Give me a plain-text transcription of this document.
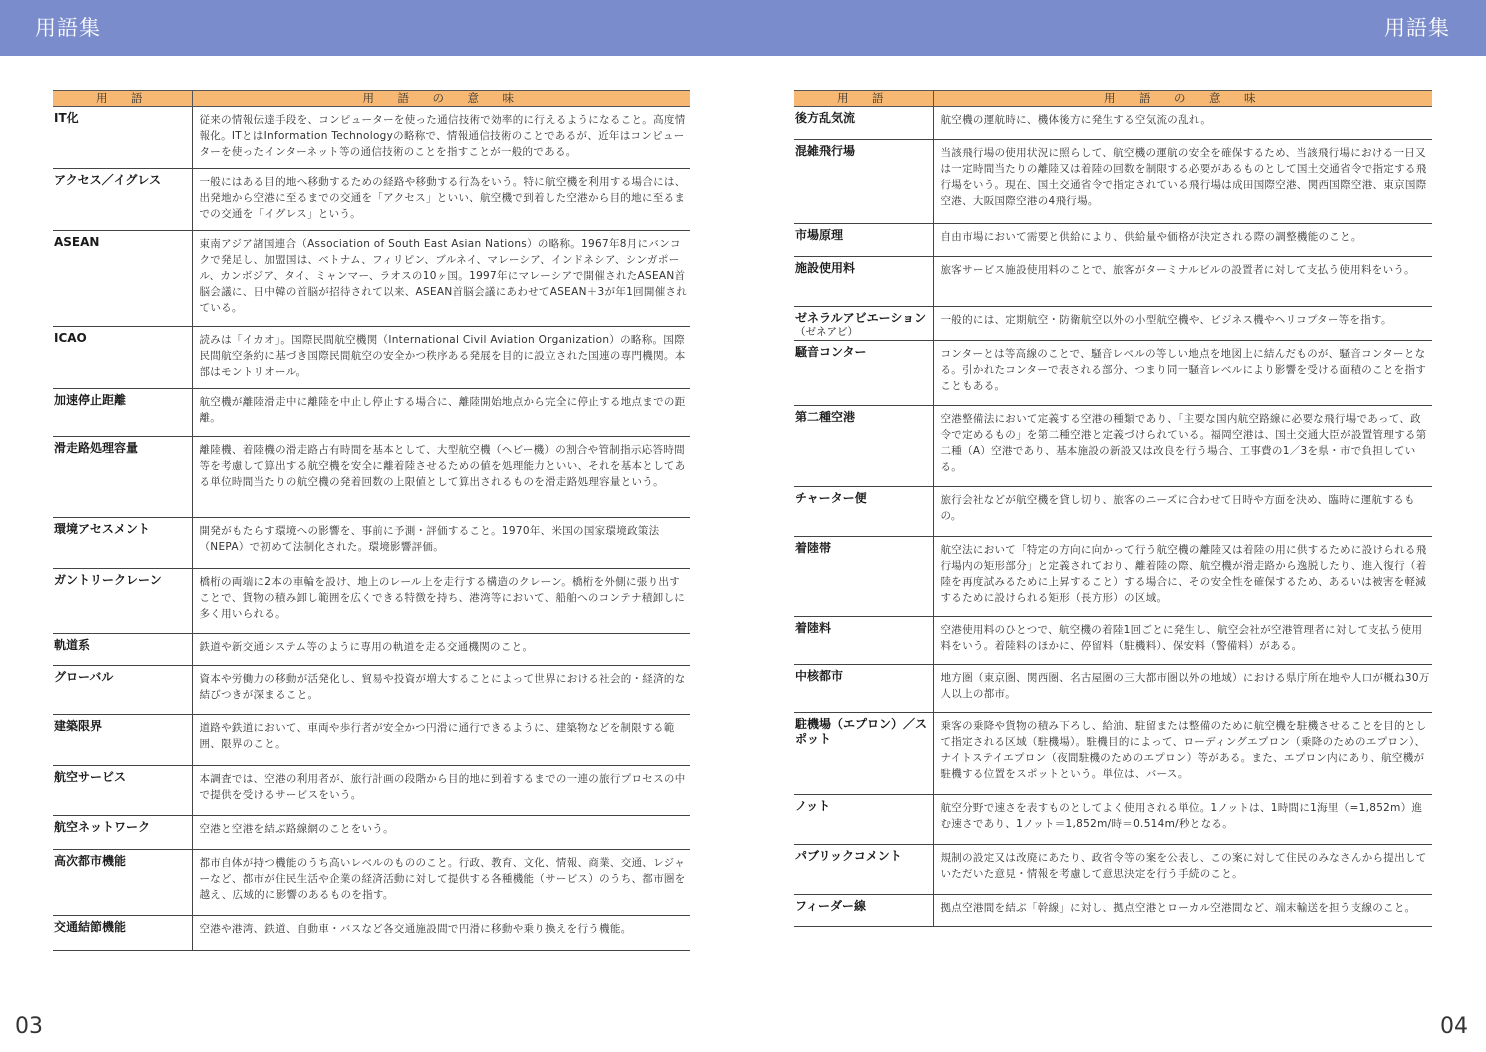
用語集	用語集
用　語	用　語　の　意　味
IT化	従来の情報伝達手段を、コンピューターを使った通信技術で効率的に行えるようになること。高度情報化。ITとはInformation Technologyの略称で、情報通信技術のことであるが、近年はコンピューターを使ったインターネット等の通信技術のことを指すことが一般的である。
アクセス／イグレス	一般にはある目的地へ移動するための経路や移動する行為をいう。特に航空機を利用する場合には、出発地から空港に至るまでの交通を「アクセス」といい、航空機で到着した空港から目的地に至るまでの交通を「イグレス」という。
ASEAN	東南アジア諸国連合（Association of South East Asian Nations）の略称。1967年8月にバンコクで発足し、加盟国は、ベトナム、フィリピン、ブルネイ、マレーシア、インドネシア、シンガポール、カンボジア、タイ、ミャンマー、ラオスの10ヶ国。1997年にマレーシアで開催されたASEAN首脳会議に、日中韓の首脳が招待されて以来、ASEAN首脳会議にあわせてASEAN＋3が年1回開催されている。
ICAO	読みは「イカオ」。国際民間航空機関（International Civil Aviation Organization）の略称。国際民間航空条約に基づき国際民間航空の安全かつ秩序ある発展を目的に設立された国連の専門機関。本部はモントリオール。
加速停止距離	航空機が離陸滑走中に離陸を中止し停止する場合に、離陸開始地点から完全に停止する地点までの距離。
滑走路処理容量	離陸機、着陸機の滑走路占有時間を基本として、大型航空機（ヘビー機）の割合や管制指示応答時間等を考慮して算出する航空機を安全に離着陸させるための値を処理能力といい、それを基本としてある単位時間当たりの航空機の発着回数の上限値として算出されるものを滑走路処理容量という。
環境アセスメント	開発がもたらす環境への影響を、事前に予測・評価すること。1970年、米国の国家環境政策法（NEPA）で初めて法制化された。環境影響評価。
ガントリークレーン	橋桁の両端に2本の車輪を設け、地上のレール上を走行する構造のクレーン。橋桁を外側に張り出すことで、貨物の積み卸し範囲を広くできる特徴を持ち、港湾等において、船舶へのコンテナ積卸しに多く用いられる。
軌道系	鉄道や新交通システム等のように専用の軌道を走る交通機関のこと。
グローバル	資本や労働力の移動が活発化し、貿易や投資が増大することによって世界における社会的・経済的な結びつきが深まること。
建築限界	道路や鉄道において、車両や歩行者が安全かつ円滑に通行できるように、建築物などを制限する範囲、限界のこと。
航空サービス	本調査では、空港の利用者が、旅行計画の段階から目的地に到着するまでの一連の旅行プロセスの中で提供を受けるサービスをいう。
航空ネットワーク	空港と空港を結ぶ路線網のことをいう。
高次都市機能	都市自体が持つ機能のうち高いレベルのもののこと。行政、教育、文化、情報、商業、交通、レジャーなど、都市が住民生活や企業の経済活動に対して提供する各種機能（サービス）のうち、都市圏を越え、広域的に影響のあるものを指す。
交通結節機能	空港や港湾、鉄道、自動車・バスなど各交通施設間で円滑に移動や乗り換えを行う機能。
用　語	用　語　の　意　味
後方乱気流	航空機の運航時に、機体後方に発生する空気流の乱れ。
混雑飛行場	当該飛行場の使用状況に照らして、航空機の運航の安全を確保するため、当該飛行場における一日又は一定時間当たりの離陸又は着陸の回数を制限する必要があるものとして国土交通省令で指定する飛行場をいう。現在、国土交通省令で指定されている飛行場は成田国際空港、関西国際空港、東京国際空港、大阪国際空港の4飛行場。
市場原理	自由市場において需要と供給により、供給量や価格が決定される際の調整機能のこと。
施設使用料	旅客サービス施設使用料のことで、旅客がターミナルビルの設置者に対して支払う使用料をいう。
ゼネラルアビエーション
（ゼネアビ）	一般的には、定期航空・防衛航空以外の小型航空機や、ビジネス機やヘリコプター等を指す。
騒音コンター	コンターとは等高線のことで、騒音レベルの等しい地点を地図上に結んだものが、騒音コンターとなる。引かれたコンターで表される部分、つまり同一騒音レベルにより影響を受ける面積のことを指すこともある。
第二種空港	空港整備法において定義する空港の種類であり、「主要な国内航空路線に必要な飛行場であって、政令で定めるもの」を第二種空港と定義づけられている。福岡空港は、国土交通大臣が設置管理する第二種（A）空港であり、基本施設の新設又は改良を行う場合、工事費の1／3を県・市で負担している。
チャーター便	旅行会社などが航空機を貸し切り、旅客のニーズに合わせて日時や方面を決め、臨時に運航するもの。
着陸帯	航空法において「特定の方向に向かって行う航空機の離陸又は着陸の用に供するために設けられる飛行場内の矩形部分」と定義されており、離着陸の際、航空機が滑走路から逸脱したり、進入復行（着陸を再度試みるために上昇すること）する場合に、その安全性を確保するため、あるいは被害を軽減するために設けられる矩形（長方形）の区域。
着陸料	空港使用料のひとつで、航空機の着陸1回ごとに発生し、航空会社が空港管理者に対して支払う使用料をいう。着陸料のほかに、停留料（駐機料）、保安料（警備料）がある。
中核都市	地方圏（東京圏、関西圏、名古屋圏の三大都市圏以外の地域）における県庁所在地や人口が概ね30万人以上の都市。
駐機場（エプロン）／スポット	乗客の乗降や貨物の積み下ろし、給油、駐留または整備のために航空機を駐機させることを目的として指定される区域（駐機場）。駐機目的によって、ローディングエプロン（乗降のためのエプロン）、ナイトステイエプロン（夜間駐機のためのエプロン）等がある。また、エプロン内にあり、航空機が駐機する位置をスポットという。単位は、バース。
ノット	航空分野で速さを表すものとしてよく使用される単位。1ノットは、1時間に1海里（=1,852m）進む速さであり、1ノット＝1,852m/時＝0.514m/秒となる。
パブリックコメント	規制の設定又は改廃にあたり、政省令等の案を公表し、この案に対して住民のみなさんから提出していただいた意見・情報を考慮して意思決定を行う手続のこと。
フィーダー線	拠点空港間を結ぶ「幹線」に対し、拠点空港とローカル空港間など、端末輸送を担う支線のこと。
03	04
